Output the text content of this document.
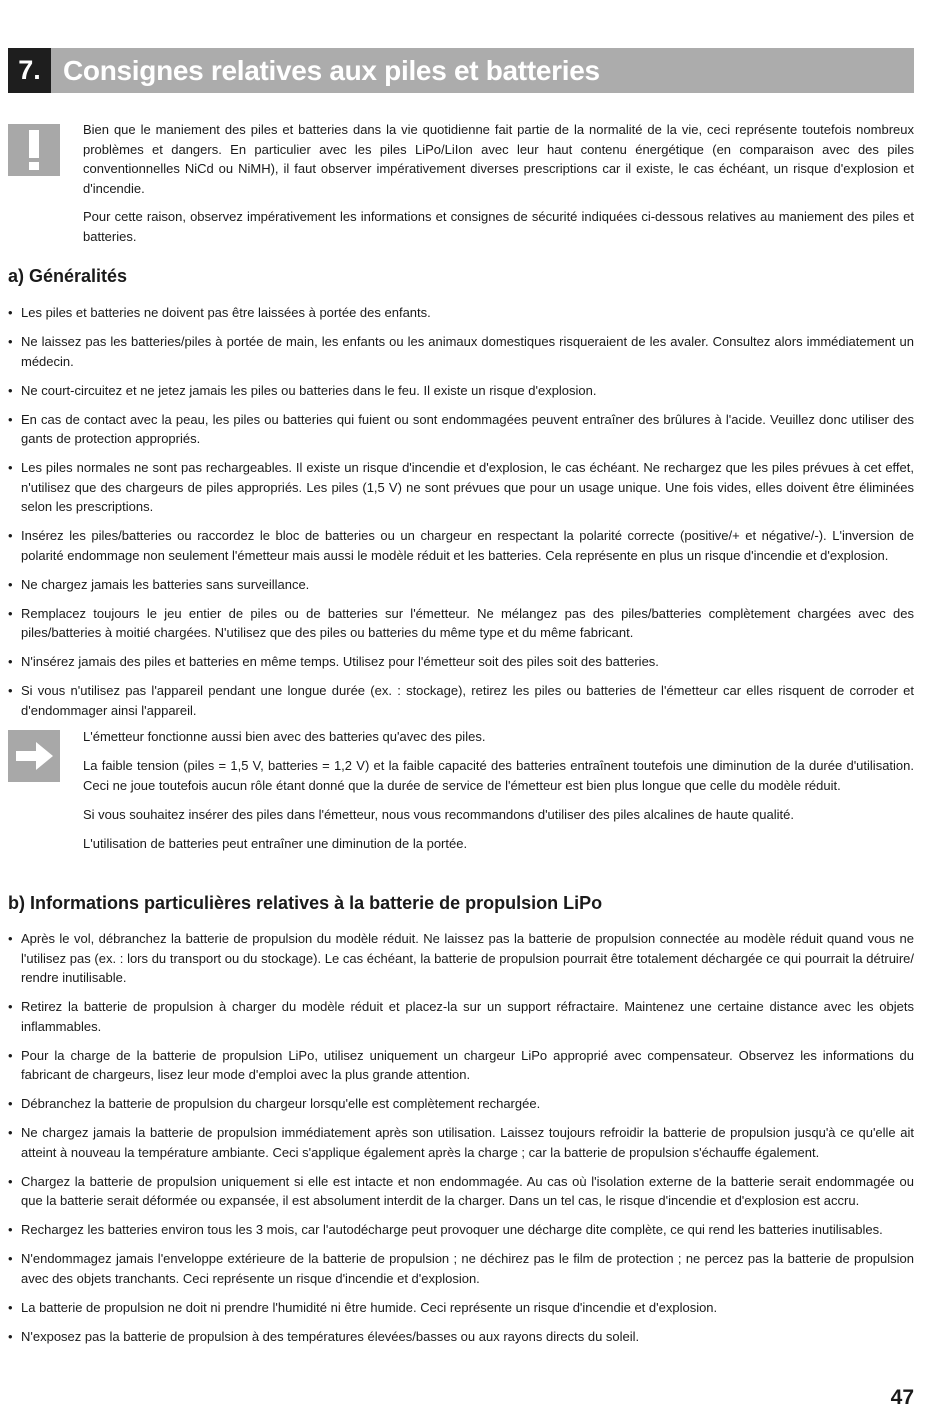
7. Consignes relatives aux piles et batteries

Bien que le maniement des piles et batteries dans la vie quotidienne fait partie de la normalité de la vie, ceci représente toutefois nombreux problèmes et dangers. En particulier avec les piles LiPo/LiIon avec leur haut contenu énergétique (en comparaison avec des piles conventionnelles NiCd ou NiMH), il faut observer impérativement diverses prescriptions car il existe, le cas échéant, un risque d'explosion et d'incendie.

Pour cette raison, observez impérativement les informations et consignes de sécurité indiquées ci-dessous relatives au maniement des piles et batteries.

a) Généralités
• Les piles et batteries ne doivent pas être laissées à portée des enfants.
• Ne laissez pas les batteries/piles à portée de main, les enfants ou les animaux domestiques risqueraient de les avaler. Consultez alors immédiatement un médecin.
• Ne court-circuitez et ne jetez jamais les piles ou batteries dans le feu. Il existe un risque d'explosion.
• En cas de contact avec la peau, les piles ou batteries qui fuient ou sont endommagées peuvent entraîner des brûlures à l'acide. Veuillez donc utiliser des gants de protection appropriés.
• Les piles normales ne sont pas rechargeables. Il existe un risque d'incendie et d'explosion, le cas échéant. Ne rechargez que les piles prévues à cet effet, n'utilisez que des chargeurs de piles appropriés. Les piles (1,5 V) ne sont prévues que pour un usage unique. Une fois vides, elles doivent être éliminées selon les prescriptions.
• Insérez les piles/batteries ou raccordez le bloc de batteries ou un chargeur en respectant la polarité correcte (positive/+ et négative/-). L'inversion de polarité endommage non seulement l'émetteur mais aussi le modèle réduit et les batteries. Cela représente en plus un risque d'incendie et d'explosion.
• Ne chargez jamais les batteries sans surveillance.
• Remplacez toujours le jeu entier de piles ou de batteries sur l'émetteur. Ne mélangez pas des piles/batteries complètement chargées avec des piles/batteries à moitié chargées. N'utilisez que des piles ou batteries du même type et du même fabricant.
• N'insérez jamais des piles et batteries en même temps. Utilisez pour l'émetteur soit des piles soit des batteries.
• Si vous n'utilisez pas l'appareil pendant une longue durée (ex. : stockage), retirez les piles ou batteries de l'émetteur car elles risquent de corroder et d'endommager ainsi l'appareil.

L'émetteur fonctionne aussi bien avec des batteries qu'avec des piles.

La faible tension (piles = 1,5 V, batteries = 1,2 V) et la faible capacité des batteries entraînent toutefois une diminution de la durée d'utilisation. Ceci ne joue toutefois aucun rôle étant donné que la durée de service de l'émetteur est bien plus longue que celle du modèle réduit.

Si vous souhaitez insérer des piles dans l'émetteur, nous vous recommandons d'utiliser des piles alcalines de haute qualité.

L'utilisation de batteries peut entraîner une diminution de la portée.

b) Informations particulières relatives à la batterie de propulsion LiPo
• Après le vol, débranchez la batterie de propulsion du modèle réduit. Ne laissez pas la batterie de propulsion connectée au modèle réduit quand vous ne l'utilisez pas (ex. : lors du transport ou du stockage). Le cas échéant, la batterie de propulsion pourrait être totalement déchargée ce qui pourrait la détruire/ rendre inutilisable.
• Retirez la batterie de propulsion à charger du modèle réduit et placez-la sur un support réfractaire. Maintenez une certaine distance avec les objets inflammables.
• Pour la charge de la batterie de propulsion LiPo, utilisez uniquement un chargeur LiPo approprié avec compensateur. Observez les informations du fabricant de chargeurs, lisez leur mode d'emploi avec la plus grande attention.
• Débranchez la batterie de propulsion du chargeur lorsqu'elle est complètement rechargée.
• Ne chargez jamais la batterie de propulsion immédiatement après son utilisation. Laissez toujours refroidir la batterie de propulsion jusqu'à ce qu'elle ait atteint à nouveau la température ambiante. Ceci s'applique également après la charge ; car la batterie de propulsion s'échauffe également.
• Chargez la batterie de propulsion uniquement si elle est intacte et non endommagée. Au cas où l'isolation externe de la batterie serait endommagée ou que la batterie serait déformée ou expansée, il est absolument interdit de la charger. Dans un tel cas, le risque d'incendie et d'explosion est accru.
• Rechargez les batteries environ tous les 3 mois, car l'autodécharge peut provoquer une décharge dite complète, ce qui rend les batteries inutilisables.
• N'endommagez jamais l'enveloppe extérieure de la batterie de propulsion ; ne déchirez pas le film de protection ; ne percez pas la batterie de propulsion avec des objets tranchants. Ceci représente un risque d'incendie et d'explosion.
• La batterie de propulsion ne doit ni prendre l'humidité ni être humide. Ceci représente un risque d'incendie et d'explosion.
• N'exposez pas la batterie de propulsion à des températures élevées/basses ou aux rayons directs du soleil.
47
